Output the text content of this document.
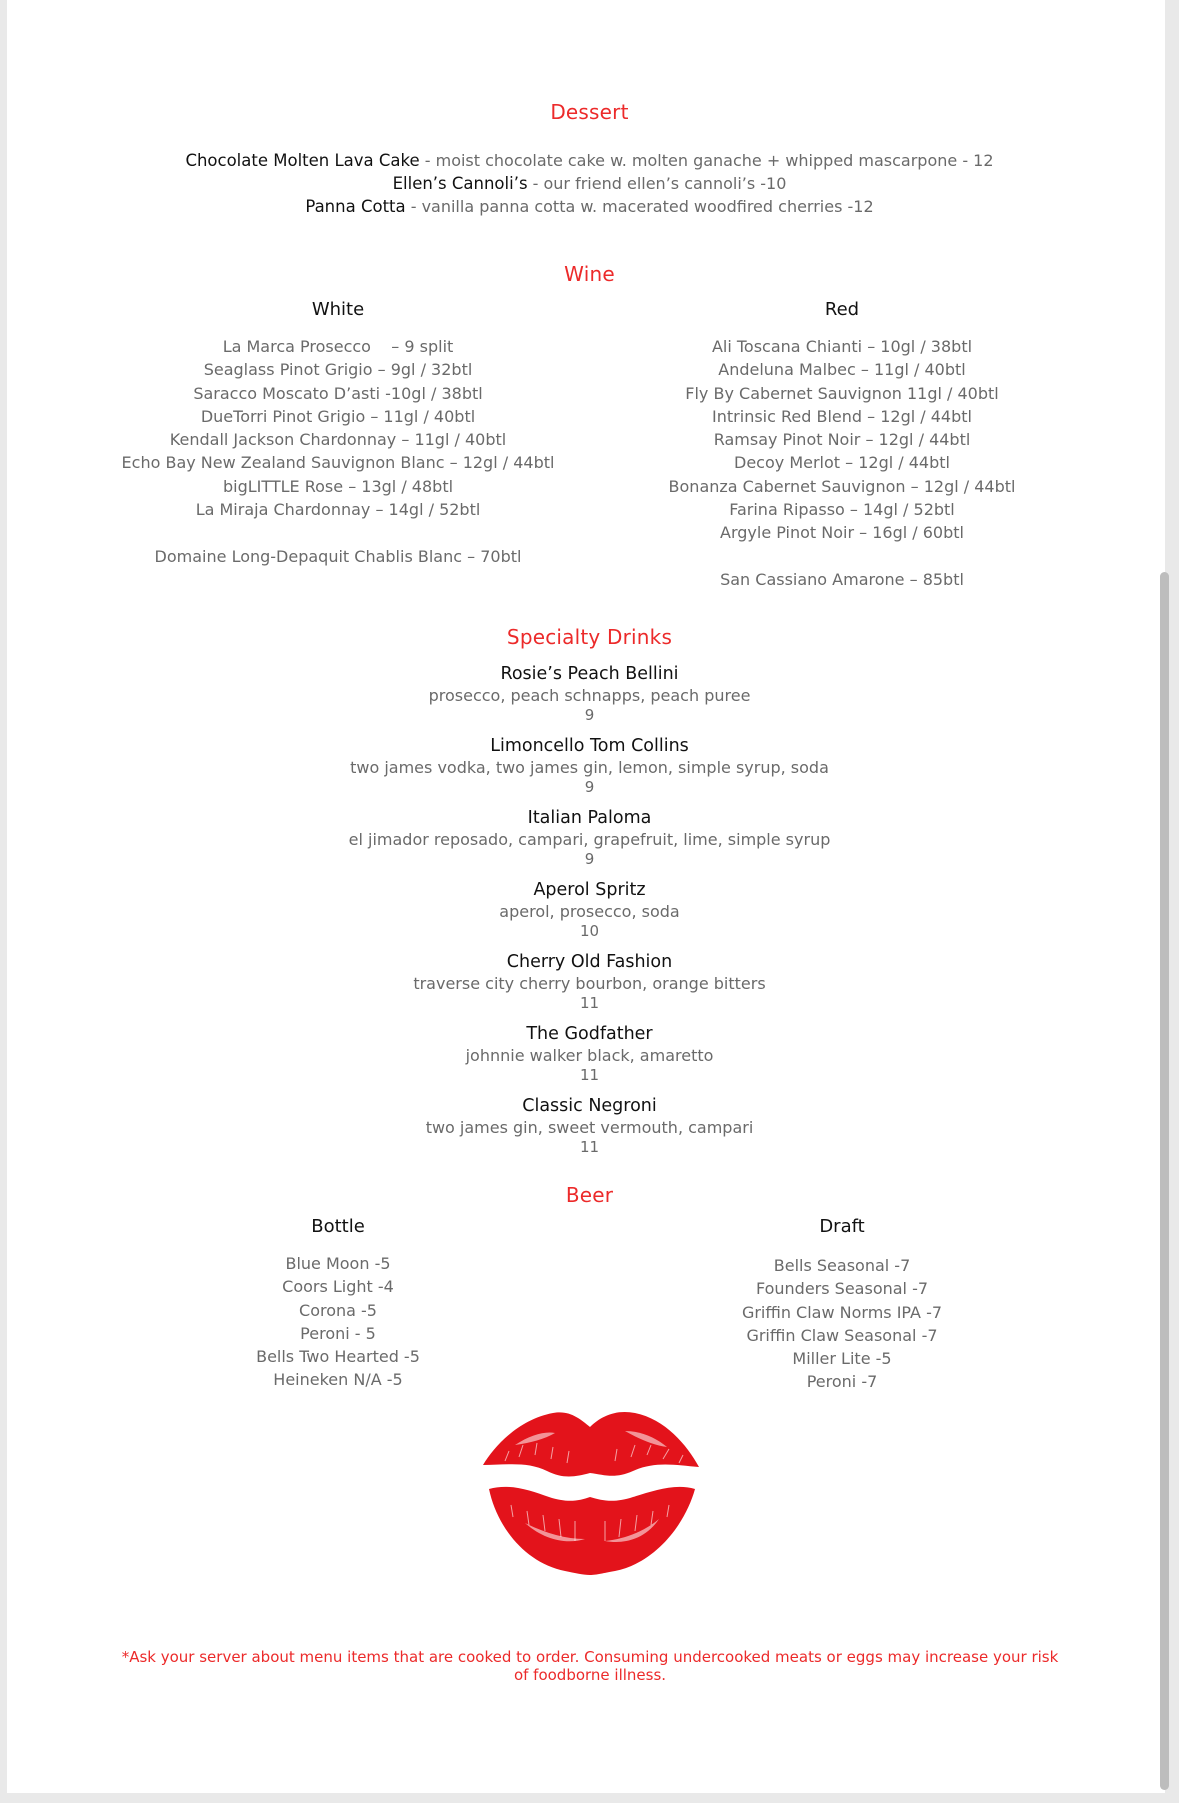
Dessert
Chocolate Molten Lava Cake - moist chocolate cake w. molten ganache + whipped mascarpone - 12
Ellen’s Cannoli’s - our friend ellen’s cannoli’s -10
Panna Cotta - vanilla panna cotta w. macerated woodfired cherries -12
Wine
White	Red
La Marca Prosecco    – 9 split
Seaglass Pinot Grigio – 9gl / 32btl
Saracco Moscato D’asti -10gl / 38btl
DueTorri Pinot Grigio – 11gl / 40btl
Kendall Jackson Chardonnay – 11gl / 40btl
Echo Bay New Zealand Sauvignon Blanc – 12gl / 44btl
bigLITTLE Rose – 13gl / 48btl
La Miraja Chardonnay – 14gl / 52btl
Domaine Long-Depaquit Chablis Blanc – 70btl
Ali Toscana Chianti – 10gl / 38btl
Andeluna Malbec – 11gl / 40btl
Fly By Cabernet Sauvignon 11gl / 40btl
Intrinsic Red Blend – 12gl / 44btl
Ramsay Pinot Noir – 12gl / 44btl
Decoy Merlot – 12gl / 44btl
Bonanza Cabernet Sauvignon – 12gl / 44btl
Farina Ripasso – 14gl / 52btl
Argyle Pinot Noir – 16gl / 60btl
San Cassiano Amarone – 85btl
Specialty Drinks
Rosie’s Peach Bellini
prosecco, peach schnapps, peach puree
9
Limoncello Tom Collins
two james vodka, two james gin, lemon, simple syrup, soda
9
Italian Paloma
el jimador reposado, campari, grapefruit, lime, simple syrup
9
Aperol Spritz
aperol, prosecco, soda
10
Cherry Old Fashion
traverse city cherry bourbon, orange bitters
11
The Godfather
johnnie walker black, amaretto
11
Classic Negroni
two james gin, sweet vermouth, campari
11
Beer
Bottle	Draft
Blue Moon -5
Coors Light -4
Corona -5
Peroni - 5
Bells Two Hearted -5
Heineken N/A -5
Bells Seasonal -7
Founders Seasonal -7
Griffin Claw Norms IPA -7
Griffin Claw Seasonal -7
Miller Lite -5
Peroni -7
*Ask your server about menu items that are cooked to order. Consuming undercooked meats or eggs may increase your risk of foodborne illness.
